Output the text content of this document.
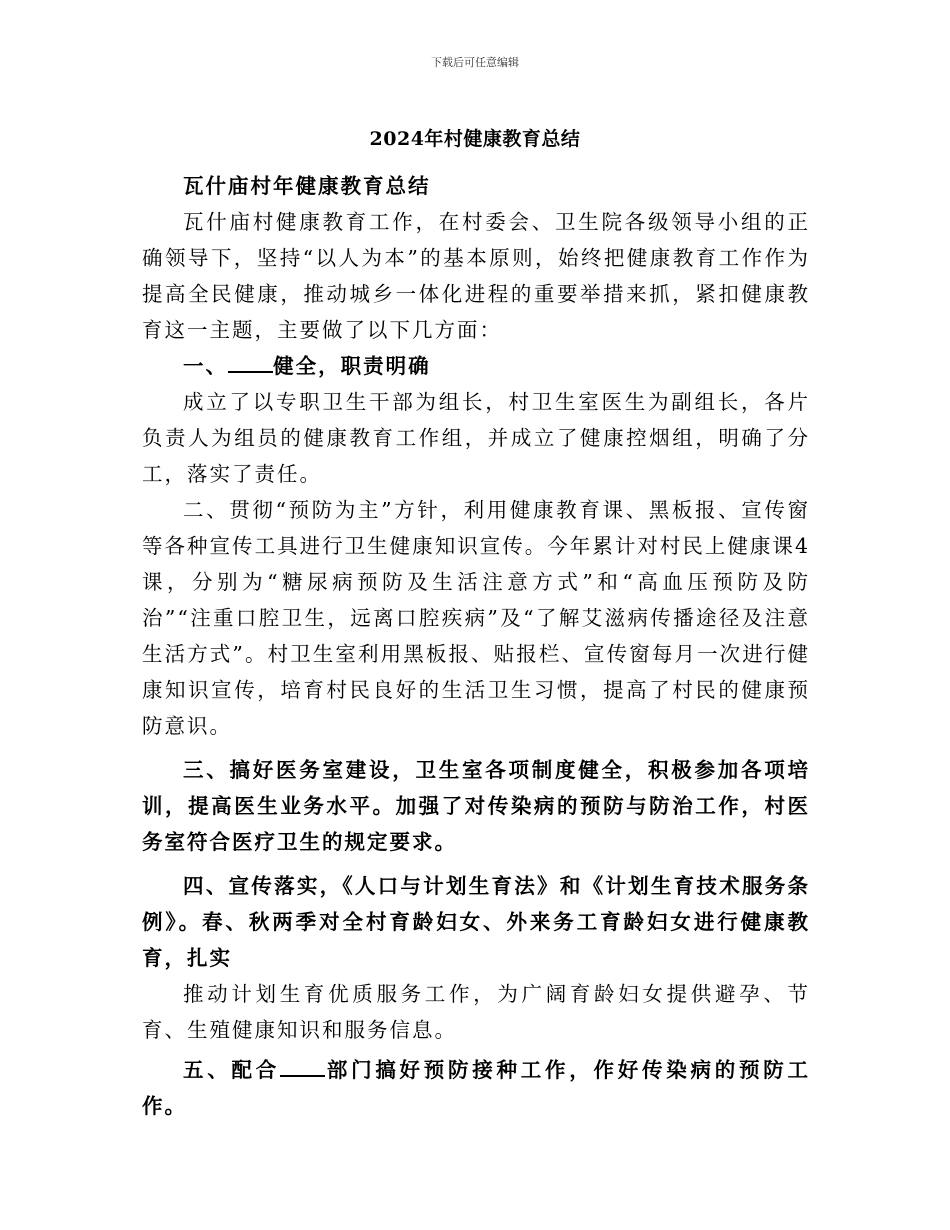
下载后可任意编辑
2024年村健康教育总结

瓦什庙村年健康教育总结

瓦什庙村健康教育工作，在村委会、卫生院各级领导小组的正确领导下，坚持“以人为本”的基本原则，始终把健康教育工作作为提高全民健康，推动城乡一体化进程的重要举措来抓，紧扣健康教育这一主题，主要做了以下几方面：

一、 健全，职责明确

成立了以专职卫生干部为组长，村卫生室医生为副组长，各片负责人为组员的健康教育工作组，并成立了健康控烟组，明确了分工，落实了责任。

二、贯彻“预防为主”方针，利用健康教育课、黑板报、宣传窗等各种宣传工具进行卫生健康知识宣传。今年累计对村民上健康课4课，分别为“糖尿病预防及生活注意方式”和“高血压预防及防治”“注重口腔卫生，远离口腔疾病”及“了解艾滋病传播途径及注意生活方式”。村卫生室利用黑板报、贴报栏、宣传窗每月一次进行健康知识宣传，培育村民良好的生活卫生习惯，提高了村民的健康预防意识。

三、搞好医务室建设，卫生室各项制度健全，积极参加各项培训，提高医生业务水平。加强了对传染病的预防与防治工作，村医务室符合医疗卫生的规定要求。

四、宣传落实，《人口与计划生育法》和《计划生育技术服务条例》。春、秋两季对全村育龄妇女、外来务工育龄妇女进行健康教育，扎实

推动计划生育优质服务工作，为广阔育龄妇女提供避孕、节育、生殖健康知识和服务信息。

五、配合 部门搞好预防接种工作，作好传染病的预防工作。
